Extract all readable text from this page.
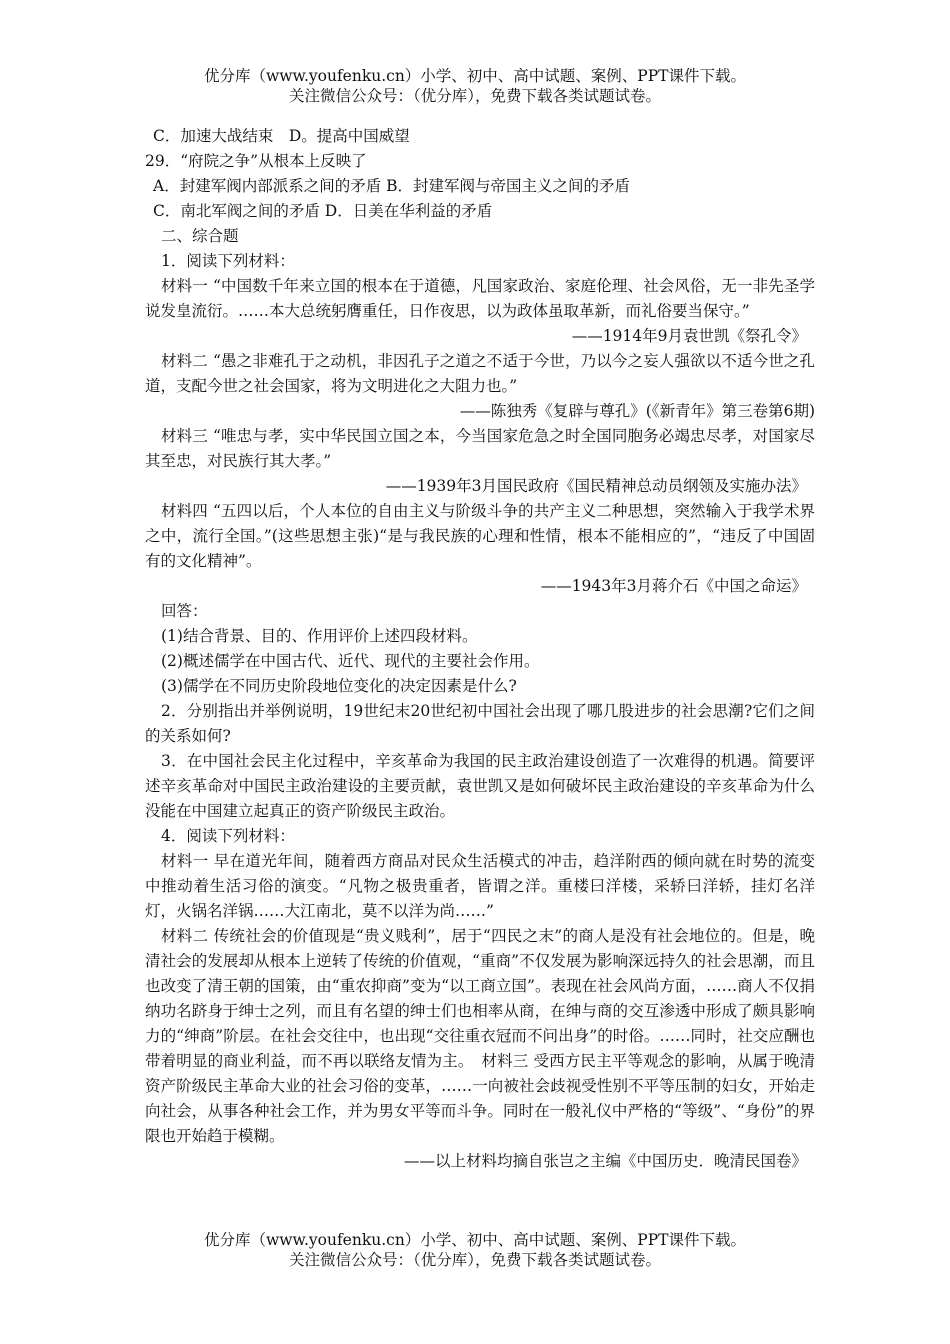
优分库（www.youfenku.cn）小学、初中、高中试题、案例、PPT课件下载。
关注微信公众号：（优分库），免费下载各类试题试卷。
C．加速大战结束　D。提高中国威望
29．“府院之争”从根本上反映了
A．封建军阀内部派系之间的矛盾 B．封建军阀与帝国主义之间的矛盾
C．南北军阀之间的矛盾 D．日美在华利益的矛盾
二、综合题
1．阅读下列材料：
材料一 “中国数千年来立国的根本在于道德，凡国家政治、家庭伦理、社会风俗，无一非先圣学说发皇流衍。……本大总统躬膺重任，日作夜思，以为政体虽取革新，而礼俗要当保守。”
——1914年9月袁世凯《祭孔令》
材料二 “愚之非难孔于之动机，非因孔子之道之不适于今世，乃以今之妄人强欲以不适今世之孔道，支配今世之社会国家，将为文明进化之大阻力也。”
——陈独秀《复辟与尊孔》(《新青年》第三卷第6期)
材料三 “唯忠与孝，实中华民国立国之本，今当国家危急之时全国同胞务必竭忠尽孝，对国家尽其至忠，对民族行其大孝。”
——1939年3月国民政府《国民精神总动员纲领及实施办法》
材料四 “五四以后，个人本位的自由主义与阶级斗争的共产主义二种思想，突然输入于我学术界之中，流行全国。”(这些思想主张)“是与我民族的心理和性情，根本不能相应的”，“违反了中国固有的文化精神”。
——1943年3月蒋介石《中国之命运》
回答：
(1)结合背景、目的、作用评价上述四段材料。
(2)概述儒学在中国古代、近代、现代的主要社会作用。
(3)儒学在不同历史阶段地位变化的决定因素是什么?
2．分别指出并举例说明，19世纪末20世纪初中国社会出现了哪几股进步的社会思潮?它们之间的关系如何?
3．在中国社会民主化过程中，辛亥革命为我国的民主政治建设创造了一次难得的机遇。简要评述辛亥革命对中国民主政治建设的主要贡献，袁世凯又是如何破坏民主政治建设的辛亥革命为什么没能在中国建立起真正的资产阶级民主政治。
4．阅读下列材料：
材料一 早在道光年间，随着西方商品对民众生活模式的冲击，趋洋附西的倾向就在时势的流变中推动着生活习俗的演变。“凡物之极贵重者，皆谓之洋。重楼曰洋楼，采轿曰洋轿，挂灯名洋灯，火锅名洋锅……大江南北，莫不以洋为尚……”
材料二 传统社会的价值现是“贵义贱利”，居于“四民之末”的商人是没有社会地位的。但是，晚清社会的发展却从根本上逆转了传统的价值观，“重商”不仅发展为影响深远持久的社会思潮，而且也改变了清王朝的国策，由“重农抑商”变为“以工商立国”。表现在社会风尚方面，……商人不仅捐纳功名跻身于绅士之列，而且有名望的绅士们也相率从商，在绅与商的交互渗透中形成了颇具影响力的“绅商”阶层。在社会交往中，也出现“交往重衣冠而不问出身”的时俗。……同时，社交应酬也带着明显的商业利益，而不再以联络友情为主。　材料三 受西方民主平等观念的影响，从属于晚清资产阶级民主革命大业的社会习俗的变革，……一向被社会歧视受性别不平等压制的妇女，开始走向社会，从事各种社会工作，并为男女平等而斗争。同时在一般礼仪中严格的“等级”、“身份”的界限也开始趋于模糊。
——以上材料均摘自张岂之主编《中国历史．晚清民国卷》
优分库（www.youfenku.cn）小学、初中、高中试题、案例、PPT课件下载。
关注微信公众号：（优分库），免费下载各类试题试卷。
